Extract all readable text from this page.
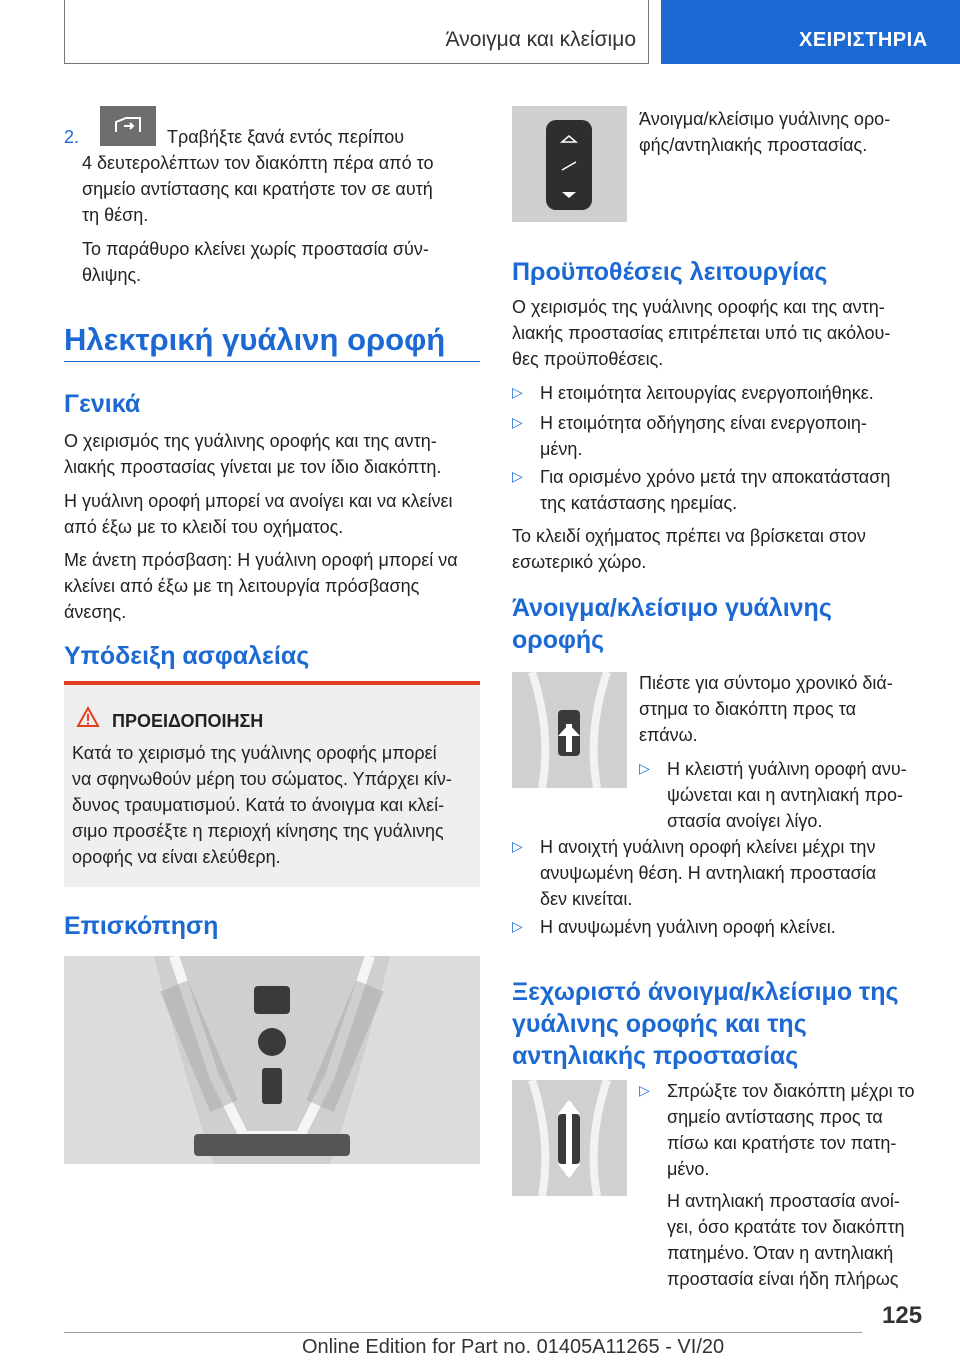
Άνοιγμα και κλείσιμο	ΧΕΙΡΙΣΤΗΡΙΑ

2.	Τραβήξτε ξανά εντός περίπου

4 δευτερολέπτων τον διακόπτη πέρα από το

σημείο αντίστασης και κρατήστε τον σε αυτή

τη θέση.

Το παράθυρο κλείνει χωρίς προστασία σύν-

θλιψης.

Ηλεκτρική γυάλινη οροφή
Γενικά

Ο χειρισμός της γυάλινης οροφής και της αντη-

λιακής προστασίας γίνεται με τον ίδιο διακόπτη.

Η γυάλινη οροφή μπορεί να ανοίγει και να κλείνει

από έξω με το κλειδί του οχήματος.

Με άνετη πρόσβαση: Η γυάλινη οροφή μπορεί να

κλείνει από έξω με τη λειτουργία πρόσβασης

άνεσης.

Υπόδειξη ασφαλείας

ΠΡΟΕΙΔΟΠΟΙΗΣΗ

Κατά το χειρισμό της γυάλινης οροφής μπορεί

να σφηνωθούν μέρη του σώματος. Υπάρχει κίν-

δυνος τραυματισμού. Κατά το άνοιγμα και κλεί-

σιμο προσέξτε η περιοχή κίνησης της γυάλινης

οροφής να είναι ελεύθερη.

Επισκόπηση

Άνοιγμα/κλείσιμο γυάλινης ορο-

φής/αντηλιακής προστασίας.

Προϋποθέσεις λειτουργίας

Ο χειρισμός της γυάλινης οροφής και της αντη-

λιακής προστασίας επιτρέπεται υπό τις ακόλου-

θες προϋποθέσεις.

▷ Η ετοιμότητα λειτουργίας ενεργοποιήθηκε.

▷ Η ετοιμότητα οδήγησης είναι ενεργοποιη-

μένη.

▷ Για ορισμένο χρόνο μετά την αποκατάσταση

της κατάστασης ηρεμίας.

Το κλειδί οχήματος πρέπει να βρίσκεται στον

εσωτερικό χώρο.

Άνοιγμα/κλείσιμο γυάλινης
οροφής

Πιέστε για σύντομο χρονικό διά-

στημα το διακόπτη προς τα

επάνω.

▷ Η κλειστή γυάλινη οροφή ανυ-

ψώνεται και η αντηλιακή προ-

στασία ανοίγει λίγο.

▷ Η ανοιχτή γυάλινη οροφή κλείνει μέχρι την

ανυψωμένη θέση. Η αντηλιακή προστασία

δεν κινείται.

▷ Η ανυψωμένη γυάλινη οροφή κλείνει.

Ξεχωριστό άνοιγμα/κλείσιμο της
γυάλινης οροφής και της
αντηλιακής προστασίας
▷ Σπρώξτε τον διακόπτη μέχρι το

σημείο αντίστασης προς τα

πίσω και κρατήστε τον πατη-

μένο.

Η αντηλιακή προστασία ανοί-

γει, όσο κρατάτε τον διακόπτη

πατημένο. Όταν η αντηλιακή

προστασία είναι ήδη πλήρως

125
Online Edition for Part no. 01405A11265 - VI/20
